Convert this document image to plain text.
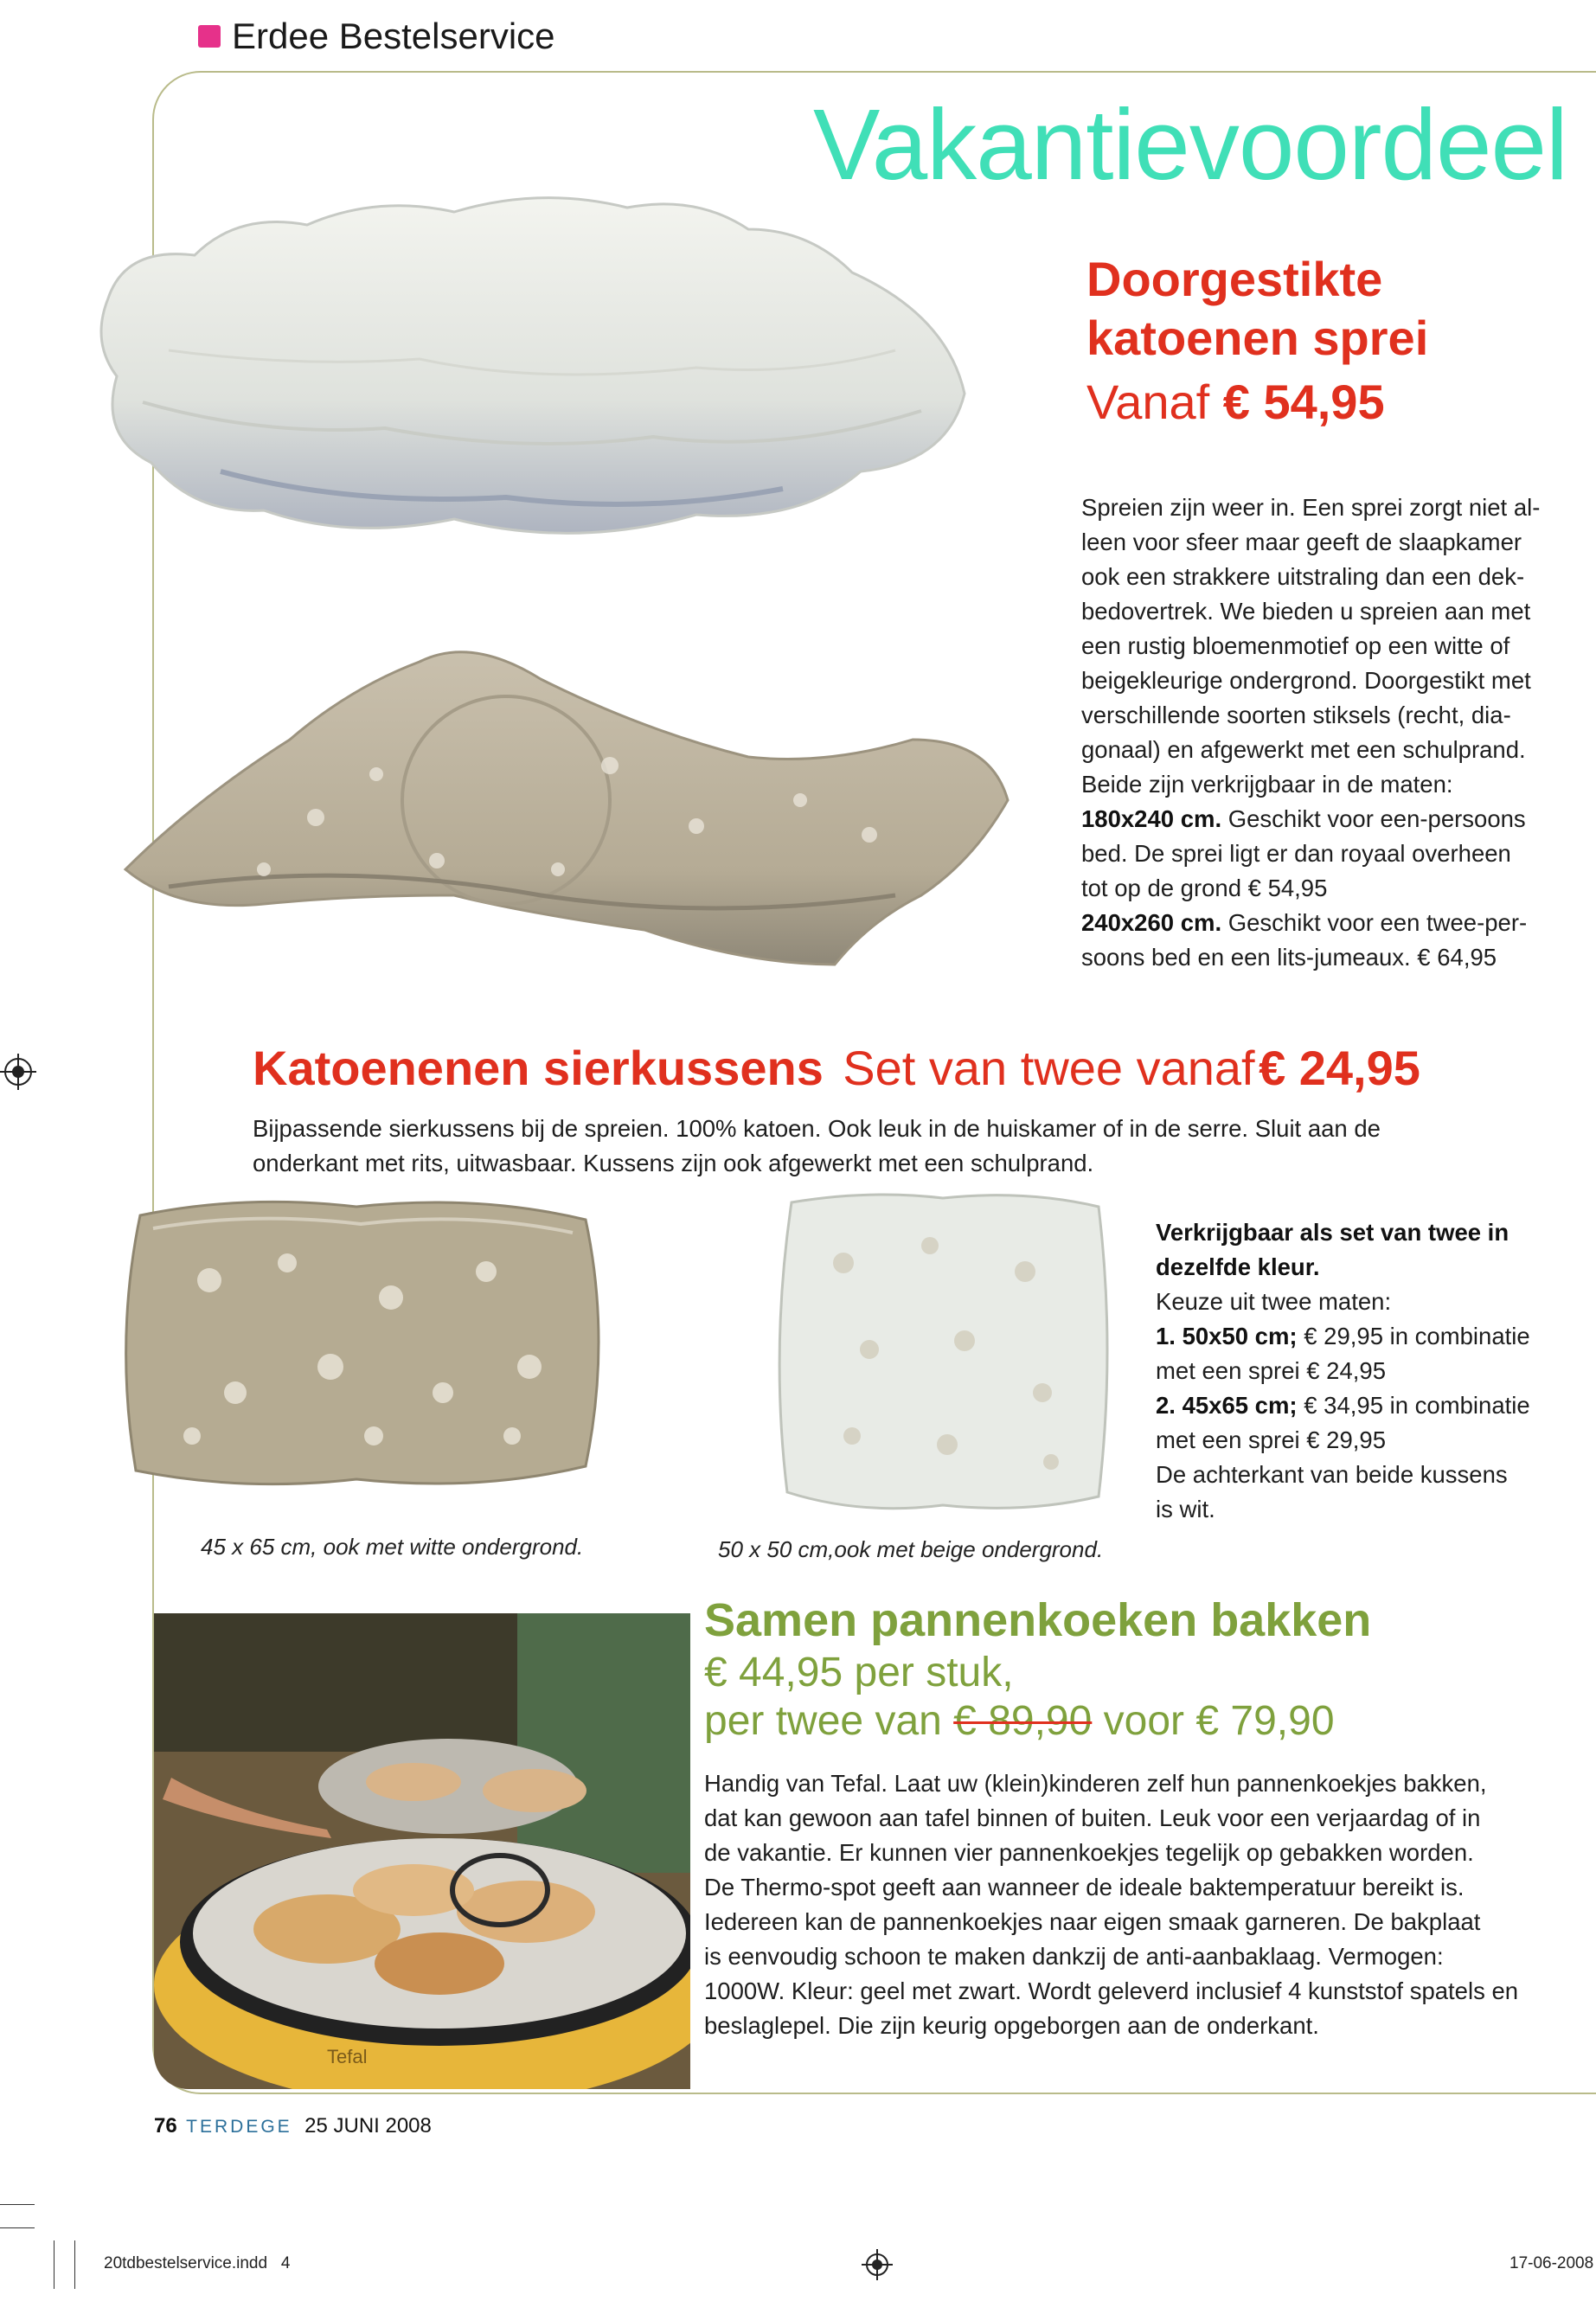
Erdee Bestelservice
Vakantievoordeel
Doorgestikte
katoenen sprei
Vanaf € 54,95
Spreien zijn weer in. Een sprei zorgt niet al-
leen voor sfeer maar geeft de slaapkamer
ook een strakkere uitstraling dan een dek-
bedovertrek. We bieden u spreien aan met
een rustig bloemenmotief op een witte of
beigekleurige ondergrond. Doorgestikt met
verschillende soorten stiksels (recht, dia-
gonaal) en afgewerkt met een schulprand.
Beide zijn verkrijgbaar in de maten:
180x240 cm. Geschikt voor een-persoons
bed. De sprei ligt er dan royaal overheen
tot op de grond € 54,95
240x260 cm. Geschikt voor een twee-per-
soons bed en een lits-jumeaux. € 64,95
Katoenenen sierkussens Set van twee vanaf € 24,95
Bijpassende sierkussens bij de spreien. 100% katoen. Ook leuk in de huiskamer of in de serre. Sluit aan de
onderkant met rits, uitwasbaar. Kussens zijn ook afgewerkt met een schulprand.
45 x 65 cm, ook met witte ondergrond.	50 x 50 cm,ook met beige ondergrond.
Verkrijgbaar als set van twee in
dezelfde kleur.
Keuze uit twee maten:
1. 50x50 cm; € 29,95 in combinatie
met een sprei € 24,95
2. 45x65 cm; € 34,95 in combinatie
met een sprei € 29,95
De achterkant van beide kussens
is wit.
Tefal
Samen pannenkoeken bakken
€ 44,95 per stuk,
per twee van € 89,90 voor € 79,90
Handig van Tefal. Laat uw (klein)kinderen zelf hun pannenkoekjes bakken,
dat kan gewoon aan tafel binnen of buiten. Leuk voor een verjaardag of in
de vakantie. Er kunnen vier pannenkoekjes tegelijk op gebakken worden.
De Thermo-spot geeft aan wanneer de ideale baktemperatuur bereikt is.
Iedereen kan de pannenkoekjes naar eigen smaak garneren. De bakplaat
is eenvoudig schoon te maken dankzij de anti-aanbaklaag. Vermogen:
1000W. Kleur: geel met zwart. Wordt geleverd inclusief 4 kunststof spatels en
beslaglepel. Die zijn keurig opgeborgen aan de onderkant.
76 TERDEGE 25 JUNI 2008
20tdbestelservice.indd   4	17-06-2008
